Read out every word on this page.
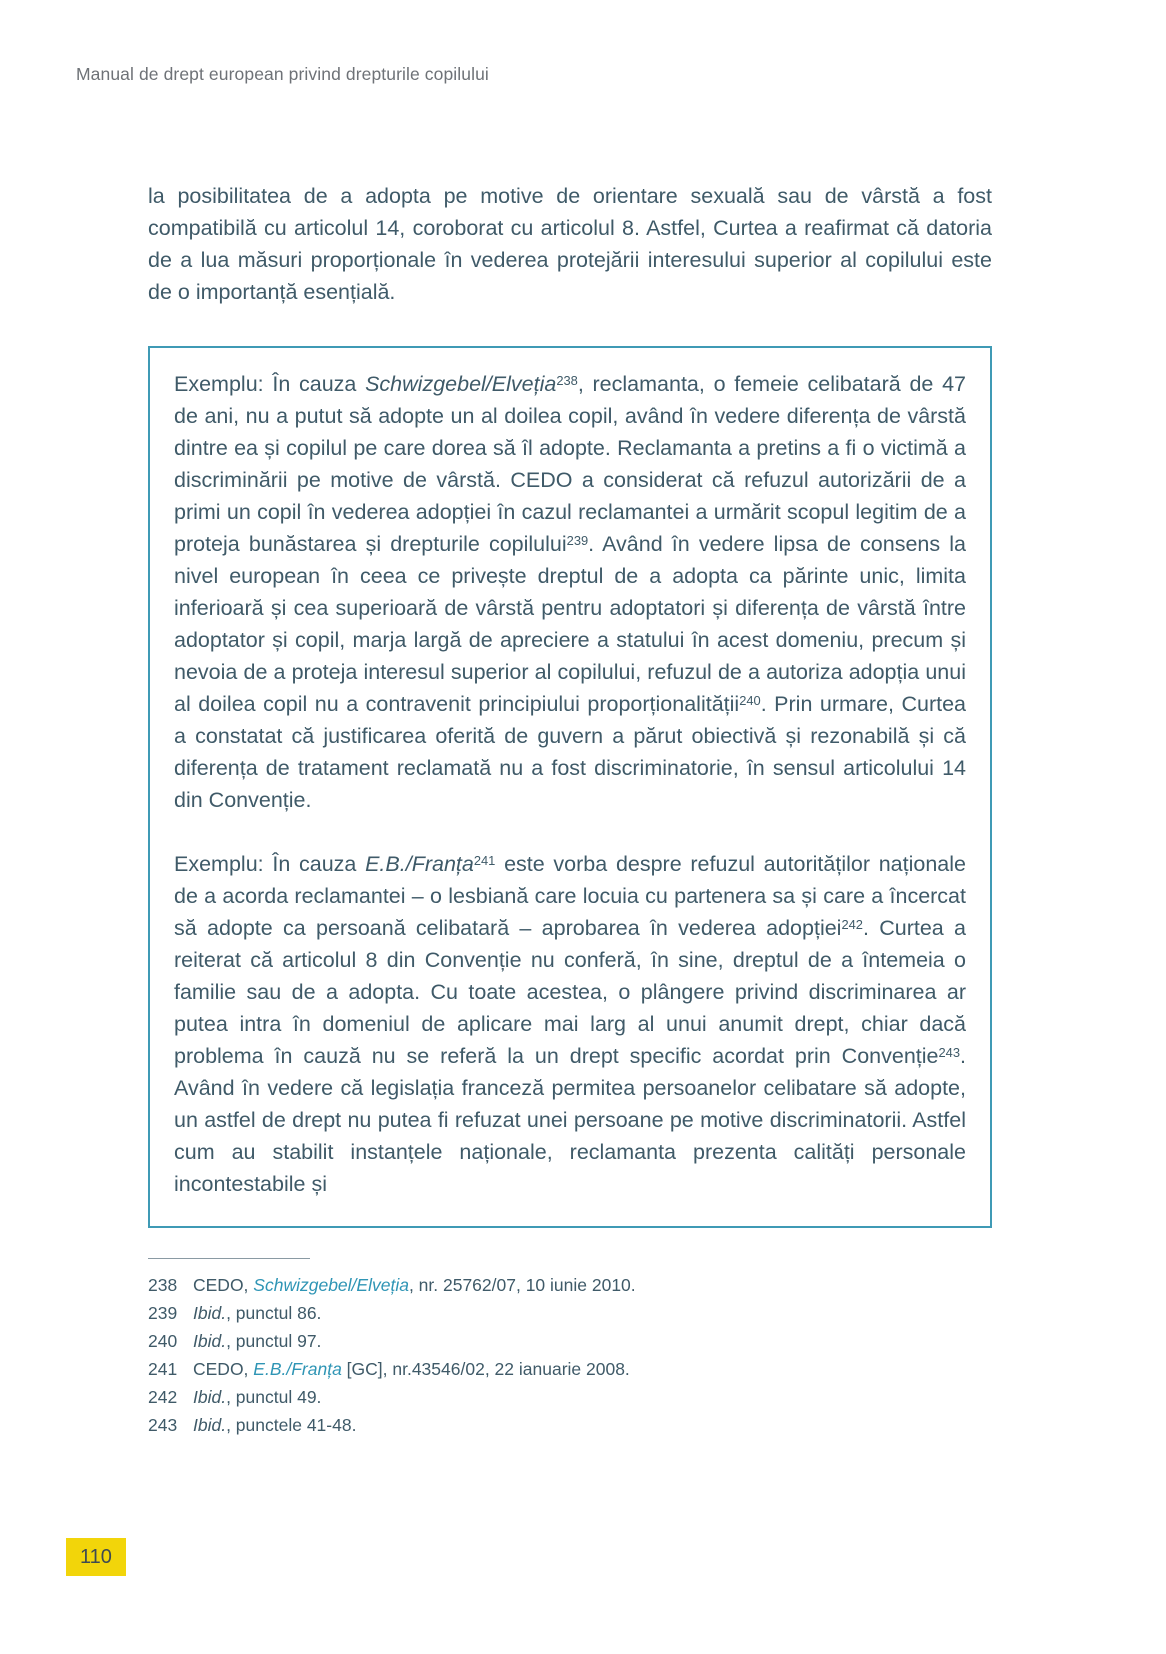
Manual de drept european privind drepturile copilului

la posibilitatea de a adopta pe motive de orientare sexuală sau de vârstă a fost compatibilă cu articolul 14, coroborat cu articolul 8. Astfel, Curtea a reafirmat că datoria de a lua măsuri proporționale în vederea protejării interesului superior al copilului este de o importanță esențială.

Exemplu: În cauza Schwizgebel/Elveția$^{238}$, reclamanta, o femeie celibatară de 47 de ani, nu a putut să adopte un al doilea copil, având în vedere diferența de vârstă dintre ea și copilul pe care dorea să îl adopte. Reclamanta a pretins a fi o victimă a discriminării pe motive de vârstă. CEDO a considerat că refuzul autorizării de a primi un copil în vederea adopției în cazul reclamantei a urmărit scopul legitim de a proteja bunăstarea și drepturile copilului$^{239}$. Având în vedere lipsa de consens la nivel european în ceea ce privește dreptul de a adopta ca părinte unic, limita inferioară și cea superioară de vârstă pentru adoptatori și diferența de vârstă între adoptator și copil, marja largă de apreciere a statului în acest domeniu, precum și nevoia de a proteja interesul superior al copilului, refuzul de a autoriza adopția unui al doilea copil nu a contravenit principiului proporționalității$^{240}$. Prin urmare, Curtea a constatat că justificarea oferită de guvern a părut obiectivă și rezonabilă și că diferența de tratament reclamată nu a fost discriminatorie, în sensul articolului 14 din Convenție.

Exemplu: În cauza E.B./Franța$^{241}$ este vorba despre refuzul autorităților naționale de a acorda reclamantei – o lesbiană care locuia cu partenera sa și care a încercat să adopte ca persoană celibatară – aprobarea în vederea adopției$^{242}$. Curtea a reiterat că articolul 8 din Convenție nu conferă, în sine, dreptul de a întemeia o familie sau de a adopta. Cu toate acestea, o plângere privind discriminarea ar putea intra în domeniul de aplicare mai larg al unui anumit drept, chiar dacă problema în cauză nu se referă la un drept specific acordat prin Convenție$^{243}$. Având în vedere că legislația franceză permitea persoanelor celibatare să adopte, un astfel de drept nu putea fi refuzat unei persoane pe motive discriminatorii. Astfel cum au stabilit instanțele naționale, reclamanta prezenta calități personale incontestabile și

238 CEDO, Schwizgebel/Elveția, nr. 25762/07, 10 iunie 2010.
239 Ibid., punctul 86.
240 Ibid., punctul 97.
241 CEDO, E.B./Franța [GC], nr.43546/02, 22 ianuarie 2008.
242 Ibid., punctul 49.
243 Ibid., punctele 41-48.
110
